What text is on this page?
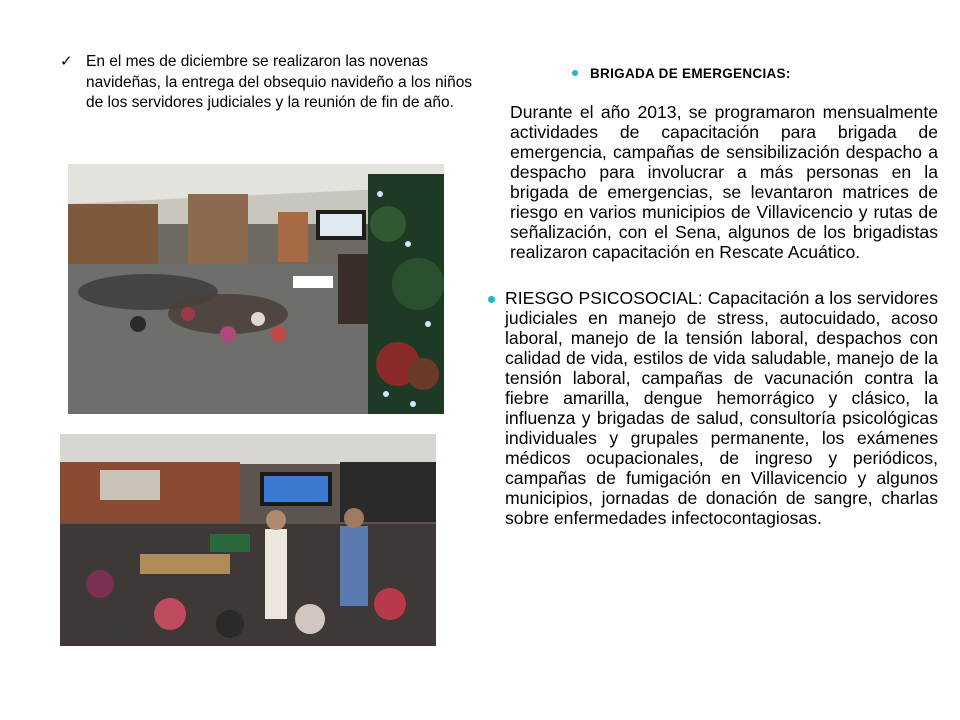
✓ En el mes de diciembre se realizaron las novenas navideñas, la entrega del obsequio navideño a los niños de los servidores judiciales y la reunión de fin de año.

BRIGADA DE EMERGENCIAS:

Durante el año 2013, se programaron mensualmente actividades de capacitación para brigada de emergencia, campañas de sensibilización despacho a despacho para involucrar a más personas en la brigada de emergencias, se levantaron matrices de riesgo en varios municipios de Villavicencio y rutas de señalización, con el Sena, algunos de los brigadistas realizaron capacitación en Rescate Acuático.

RIESGO PSICOSOCIAL: Capacitación a los servidores judiciales en manejo de stress, autocuidado, acoso laboral, manejo de la tensión laboral, despachos con calidad de vida, estilos de vida saludable, manejo de la tensión laboral, campañas de vacunación contra la fiebre amarilla, dengue hemorrágico y clásico, la influenza y brigadas de salud, consultoría psicológicas individuales y grupales permanente, los exámenes médicos ocupacionales, de ingreso y periódicos, campañas de fumigación en Villavicencio y algunos municipios, jornadas de donación de sangre, charlas sobre enfermedades infectocontagiosas.
